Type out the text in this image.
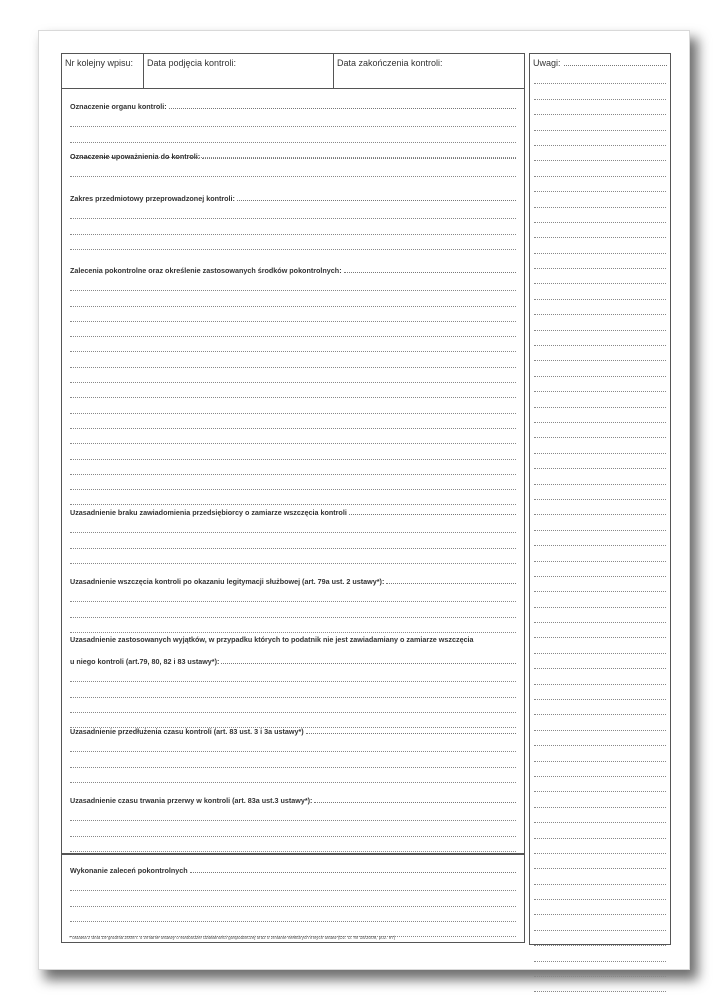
Nr kolejny wpisu:	Data podjęcia kontroli:	Data zakończenia kontroli:
Oznaczenie organu kontroli:
Oznaczenie upoważnienia do kontroli:
Zakres przedmiotowy przeprowadzonej kontroli:
Zalecenia pokontrolne oraz określenie zastosowanych środków pokontrolnych:
Uzasadnienie braku zawiadomienia przedsiębiorcy o zamiarze wszczęcia kontroli
Uzasadnienie wszczęcia kontroli po okazaniu legitymacji służbowej (art. 79a ust. 2 ustawy*):
Uzasadnienie zastosowanych wyjątków, w przypadku których to podatnik nie jest zawiadamiany o zamiarze wszczęcia
u niego kontroli (art.79, 80, 82 i 83 ustawy*):
Uzasadnienie przedłużenia czasu kontroli (art. 83 ust. 3 i 3a ustawy*)
Uzasadnienie czasu trwania przerwy w kontroli (art. 83a ust.3 ustawy*):
Wykonanie zaleceń pokontrolnych
* ustawa z dnia 19 grudnia 2008 r. o zmianie ustawy o swobodzie działalności gospodarczej oraz o zmianie niektórych innych ustaw (Dz. U. Nr 18/2009, poz. 97)
Uwagi:
